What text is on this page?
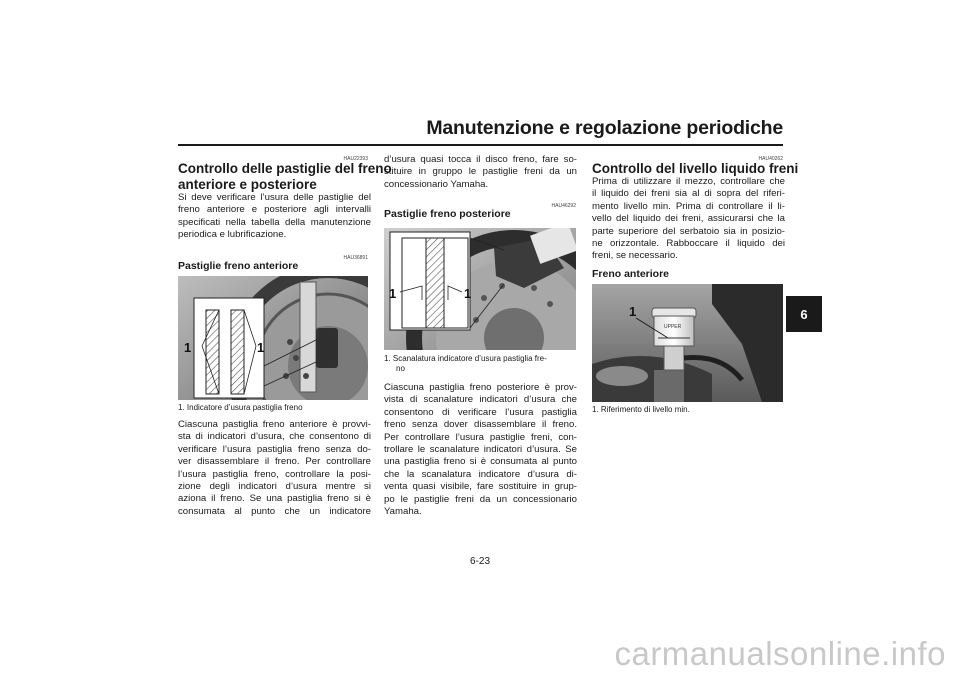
Manutenzione e regolazione periodiche
6
HAU22393
Controllo delle pastiglie del freno
anteriore e posteriore
Si deve verificare l’usura delle pastiglie del
freno anteriore e posteriore agli intervalli
specificati nella tabella della manutenzione
periodica e lubrificazione.
HAU36891
Pastiglie freno anteriore
1	1
1. Indicatore d’usura pastiglia freno
Ciascuna pastiglia freno anteriore è provvi-
sta di indicatori d’usura, che consentono di
verificare l’usura pastiglia freno senza do-
ver disassemblare il freno. Per controllare
l’usura pastiglia freno, controllare la posi-
zione degli indicatori d’usura mentre si
aziona il freno. Se una pastiglia freno si è
consumata al punto che un indicatore
d’usura quasi tocca il disco freno, fare so-
stituire in gruppo le pastiglie freni da un
concessionario Yamaha.
HAU46292
Pastiglie freno posteriore
1	1
1. Scanalatura indicatore d’usura pastiglia fre-
no
Ciascuna pastiglia freno posteriore è prov-
vista di scanalature indicatori d’usura che
consentono di verificare l’usura pastiglia
freno senza dover disassemblare il freno.
Per controllare l’usura pastiglie freni, con-
trollare le scanalature indicatori d’usura. Se
una pastiglia freno si è consumata al punto
che la scanalatura indicatore d’usura di-
venta quasi visibile, fare sostituire in grup-
po le pastiglie freni da un concessionario
Yamaha.
HAU40262
Controllo del livello liquido freni
Prima di utilizzare il mezzo, controllare che
il liquido dei freni sia al di sopra del riferi-
mento livello min. Prima di controllare il li-
vello del liquido dei freni, assicurarsi che la
parte superiore del serbatoio sia in posizio-
ne orizzontale. Rabboccare il liquido dei
freni, se necessario.
Freno anteriore
1
UPPER
1. Riferimento di livello min.
6-23
carmanualsonline.info
